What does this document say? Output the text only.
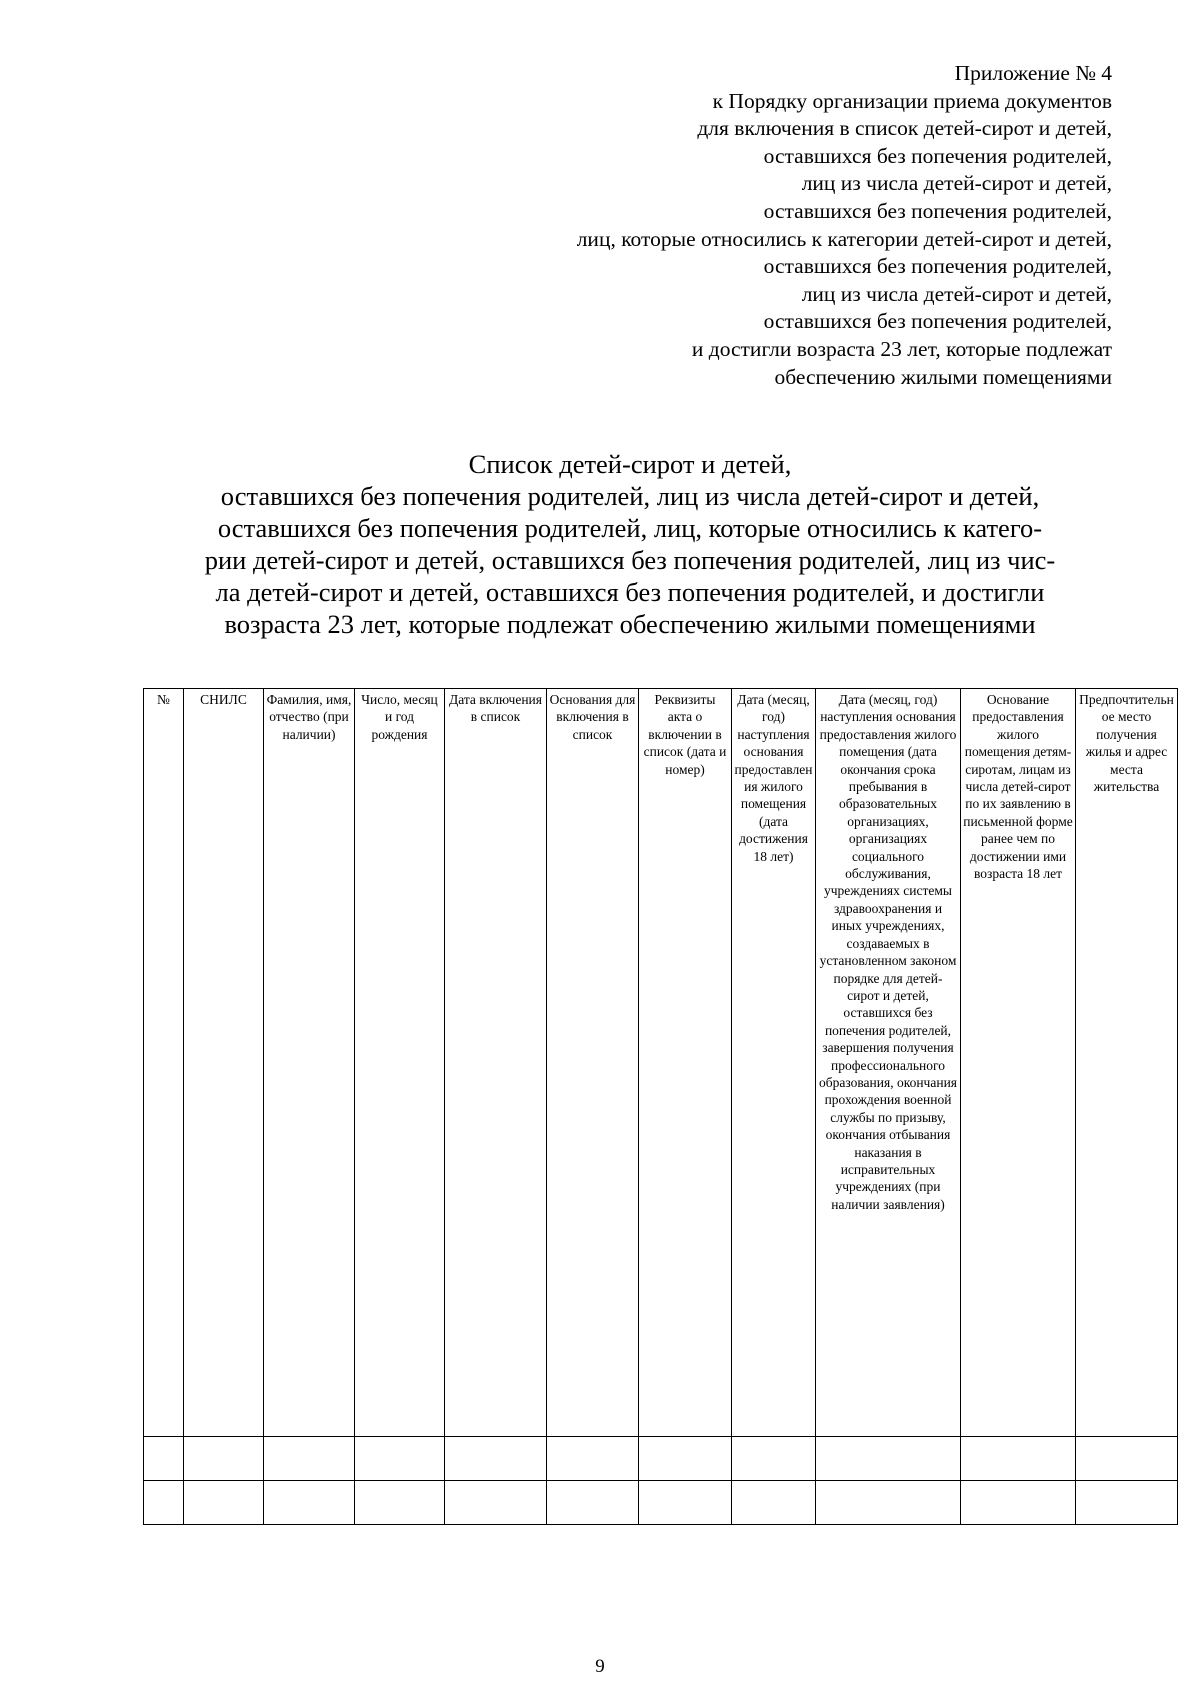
Приложение № 4
к Порядку организации приема документов
для включения в список детей-сирот и детей,
оставшихся без попечения родителей,
лиц из числа детей-сирот и детей,
оставшихся без попечения родителей,
лиц, которые относились к категории детей-сирот и детей,
оставшихся без попечения родителей,
лиц из числа детей-сирот и детей,
оставшихся без попечения родителей,
и достигли возраста 23 лет, которые подлежат
обеспечению жилыми помещениями
Список детей-сирот и детей,
оставшихся без попечения родителей, лиц из числа детей-сирот и детей,
оставшихся без попечения родителей, лиц, которые относились к катего-
рии детей-сирот и детей, оставшихся без попечения родителей, лиц из чис-
ла детей-сирот и детей, оставшихся без попечения родителей, и достигли
возраста 23 лет, которые подлежат обеспечению жилыми помещениями
№	СНИЛС	Фамилия, имя, отчество (при наличии)	Число, месяц и год рождения	Дата включения в список	Основания для включения в список	Реквизиты акта о включении в список (дата и номер)	Дата (месяц, год) наступления основания предоставления жилого помещения (дата достижения 18 лет)	Дата (месяц, год) наступления основания предоставления жилого помещения (дата окончания срока пребывания в образовательных организациях, организациях социального обслуживания, учреждениях системы здравоохранения и иных учреждениях, создаваемых в установленном законом порядке для детей-сирот и детей, оставшихся без попечения родителей, завершения получения профессионального образования, окончания прохождения военной службы по призыву, окончания отбывания наказания в исправительных учреждениях (при наличии заявления)	Основание предоставления жилого помещения детям-сиротам, лицам из числа детей-сирот по их заявлению в письменной форме ранее чем по достижении ими возраста 18 лет	Предпочтительное место получения жилья и адрес места жительства

9
